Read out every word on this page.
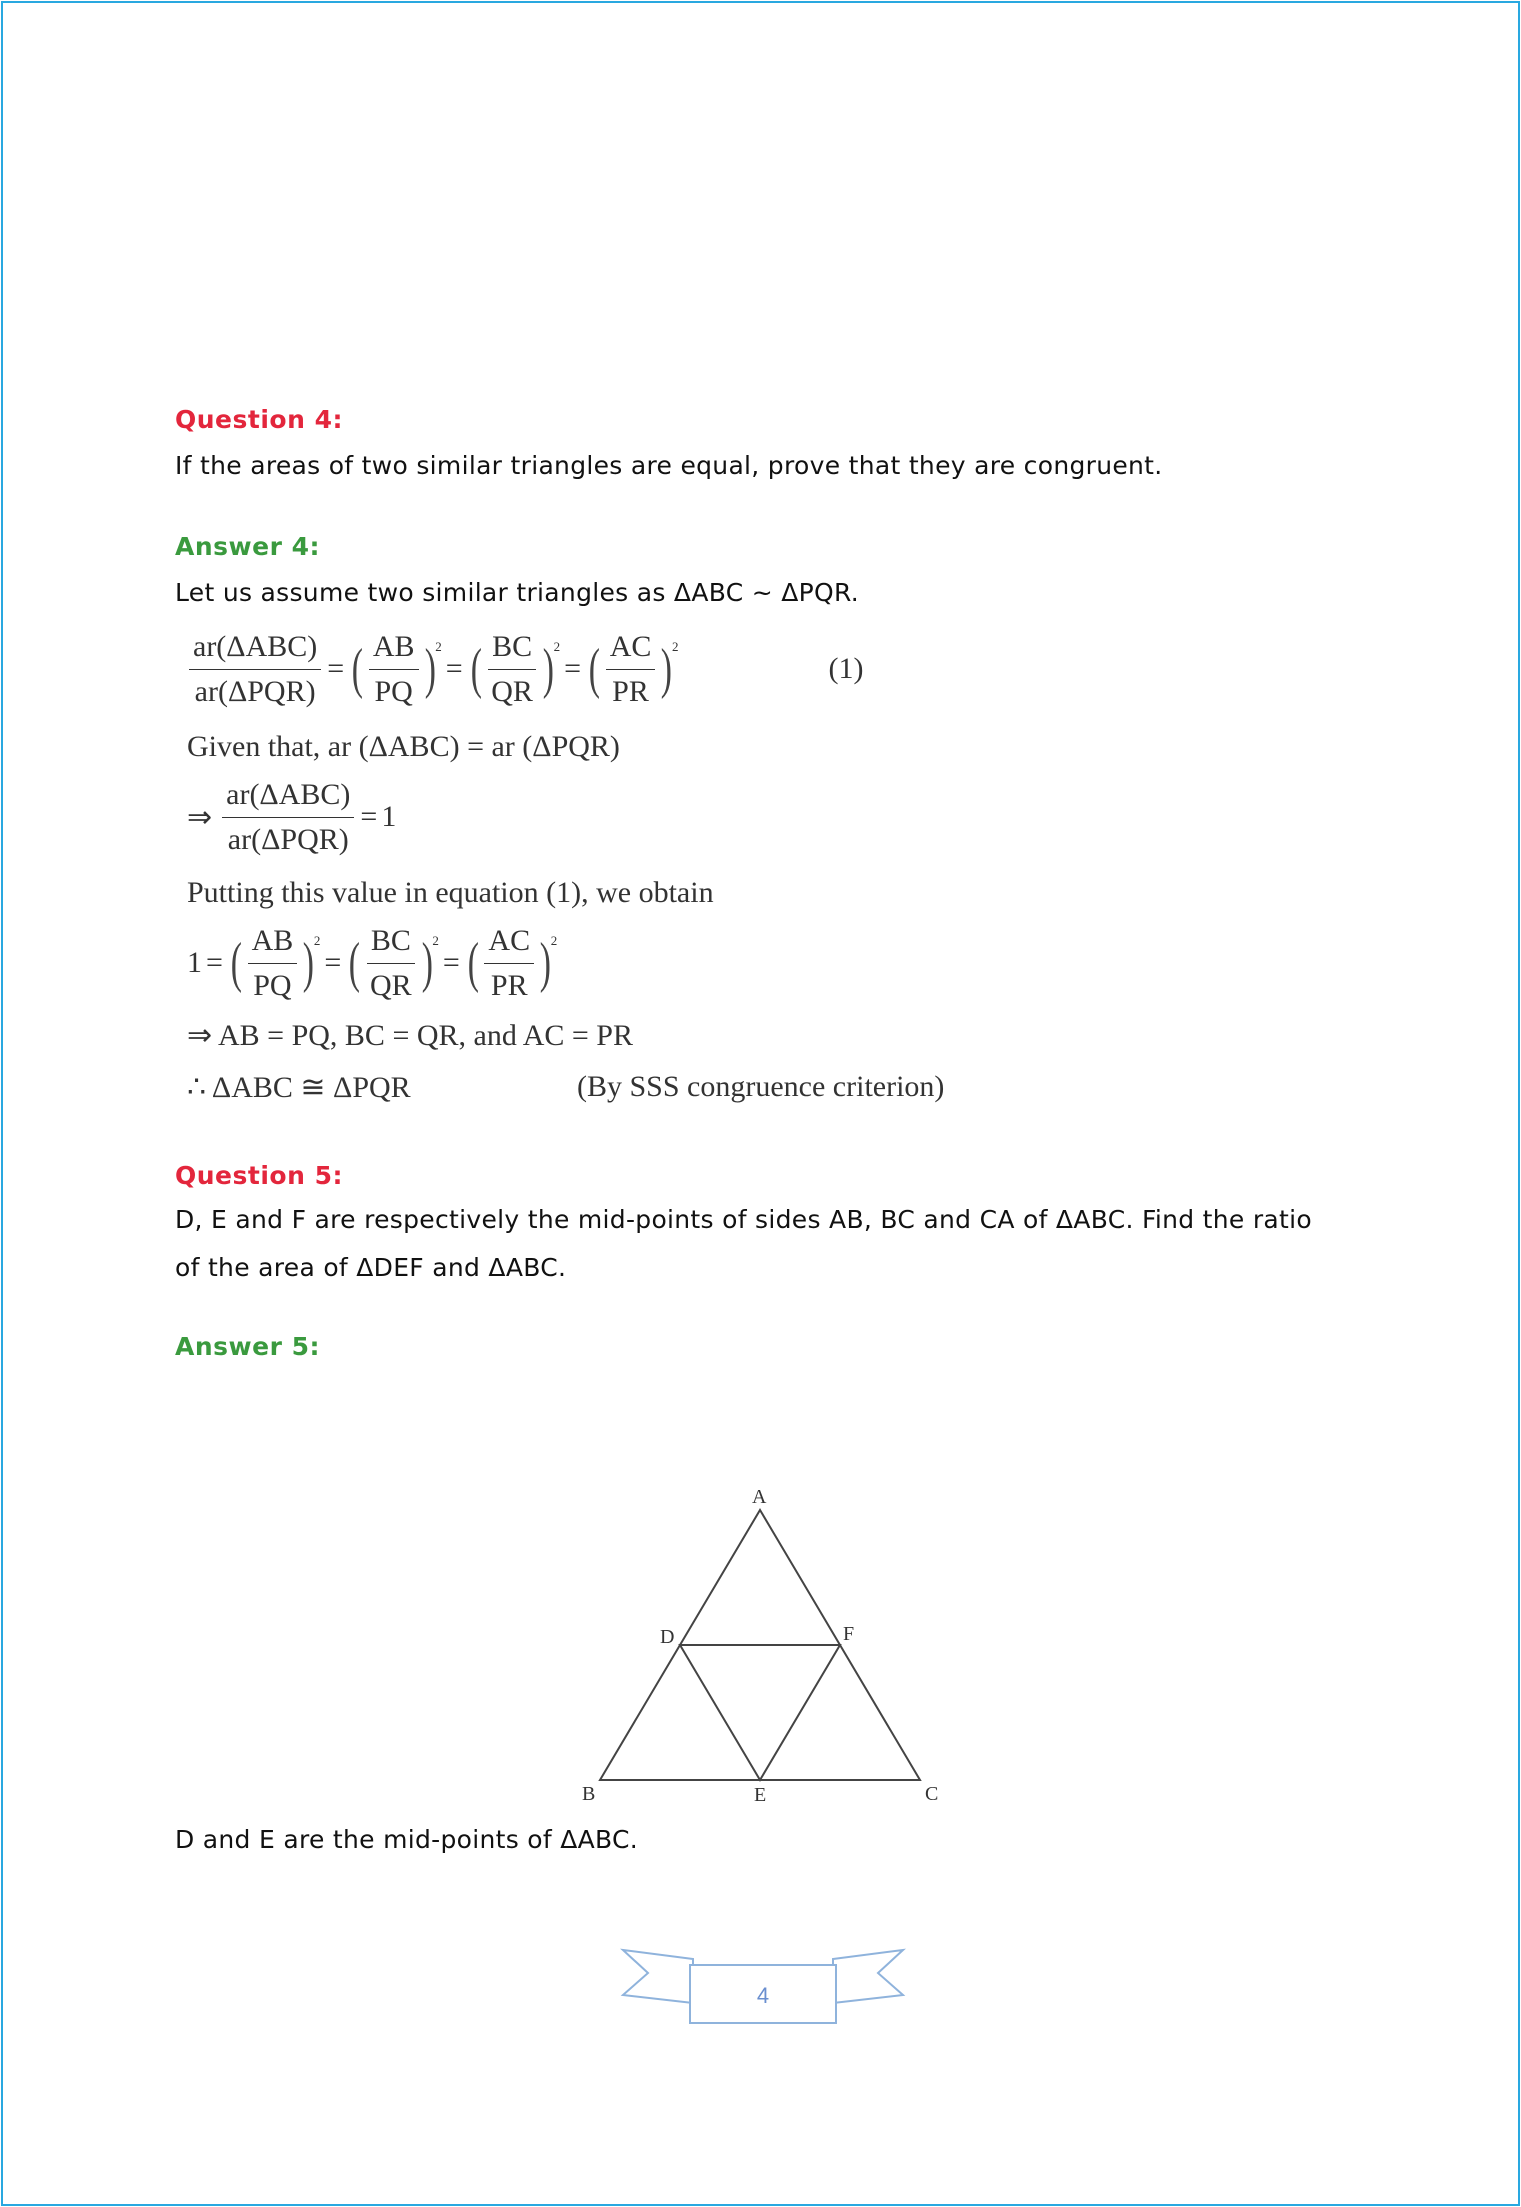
Question 4:

If the areas of two similar triangles are equal, prove that they are congruent.

Answer 4:

Let us assume two similar triangles as ΔABC ~ ΔPQR.

$\frac{\text{ar(ΔABC)}}{\text{ar(ΔPQR)}}$ = ( $\frac{AB}{PQ}$ ) 2
= ( $\frac{BC}{QR}$ ) 2
= ( $\frac{AC}{PR}$ ) 2
(1)
Given that, ar (ΔABC) = ar (ΔPQR)
⇒ $\frac{\text{ar(ΔABC)}}{\text{ar(ΔPQR)}} = 1$
Putting this value in equation (1), we obtain
1 = ( $\frac{AB}{PQ}$ ) 2
= ( $\frac{BC}{QR}$ ) 2
= ( $\frac{AC}{PR}$ ) 2
⇒ AB = PQ, BC = QR, and AC = PR
∴ ΔABC ≅ ΔPQR	(By SSS congruence criterion)

Question 5:

D, E and F are respectively the mid-points of sides AB, BC and CA of ΔABC. Find the ratio

of the area of ΔDEF and ΔABC.

Answer 5:

A
B	C
D
E
F

D and E are the mid-points of ΔABC.

4
